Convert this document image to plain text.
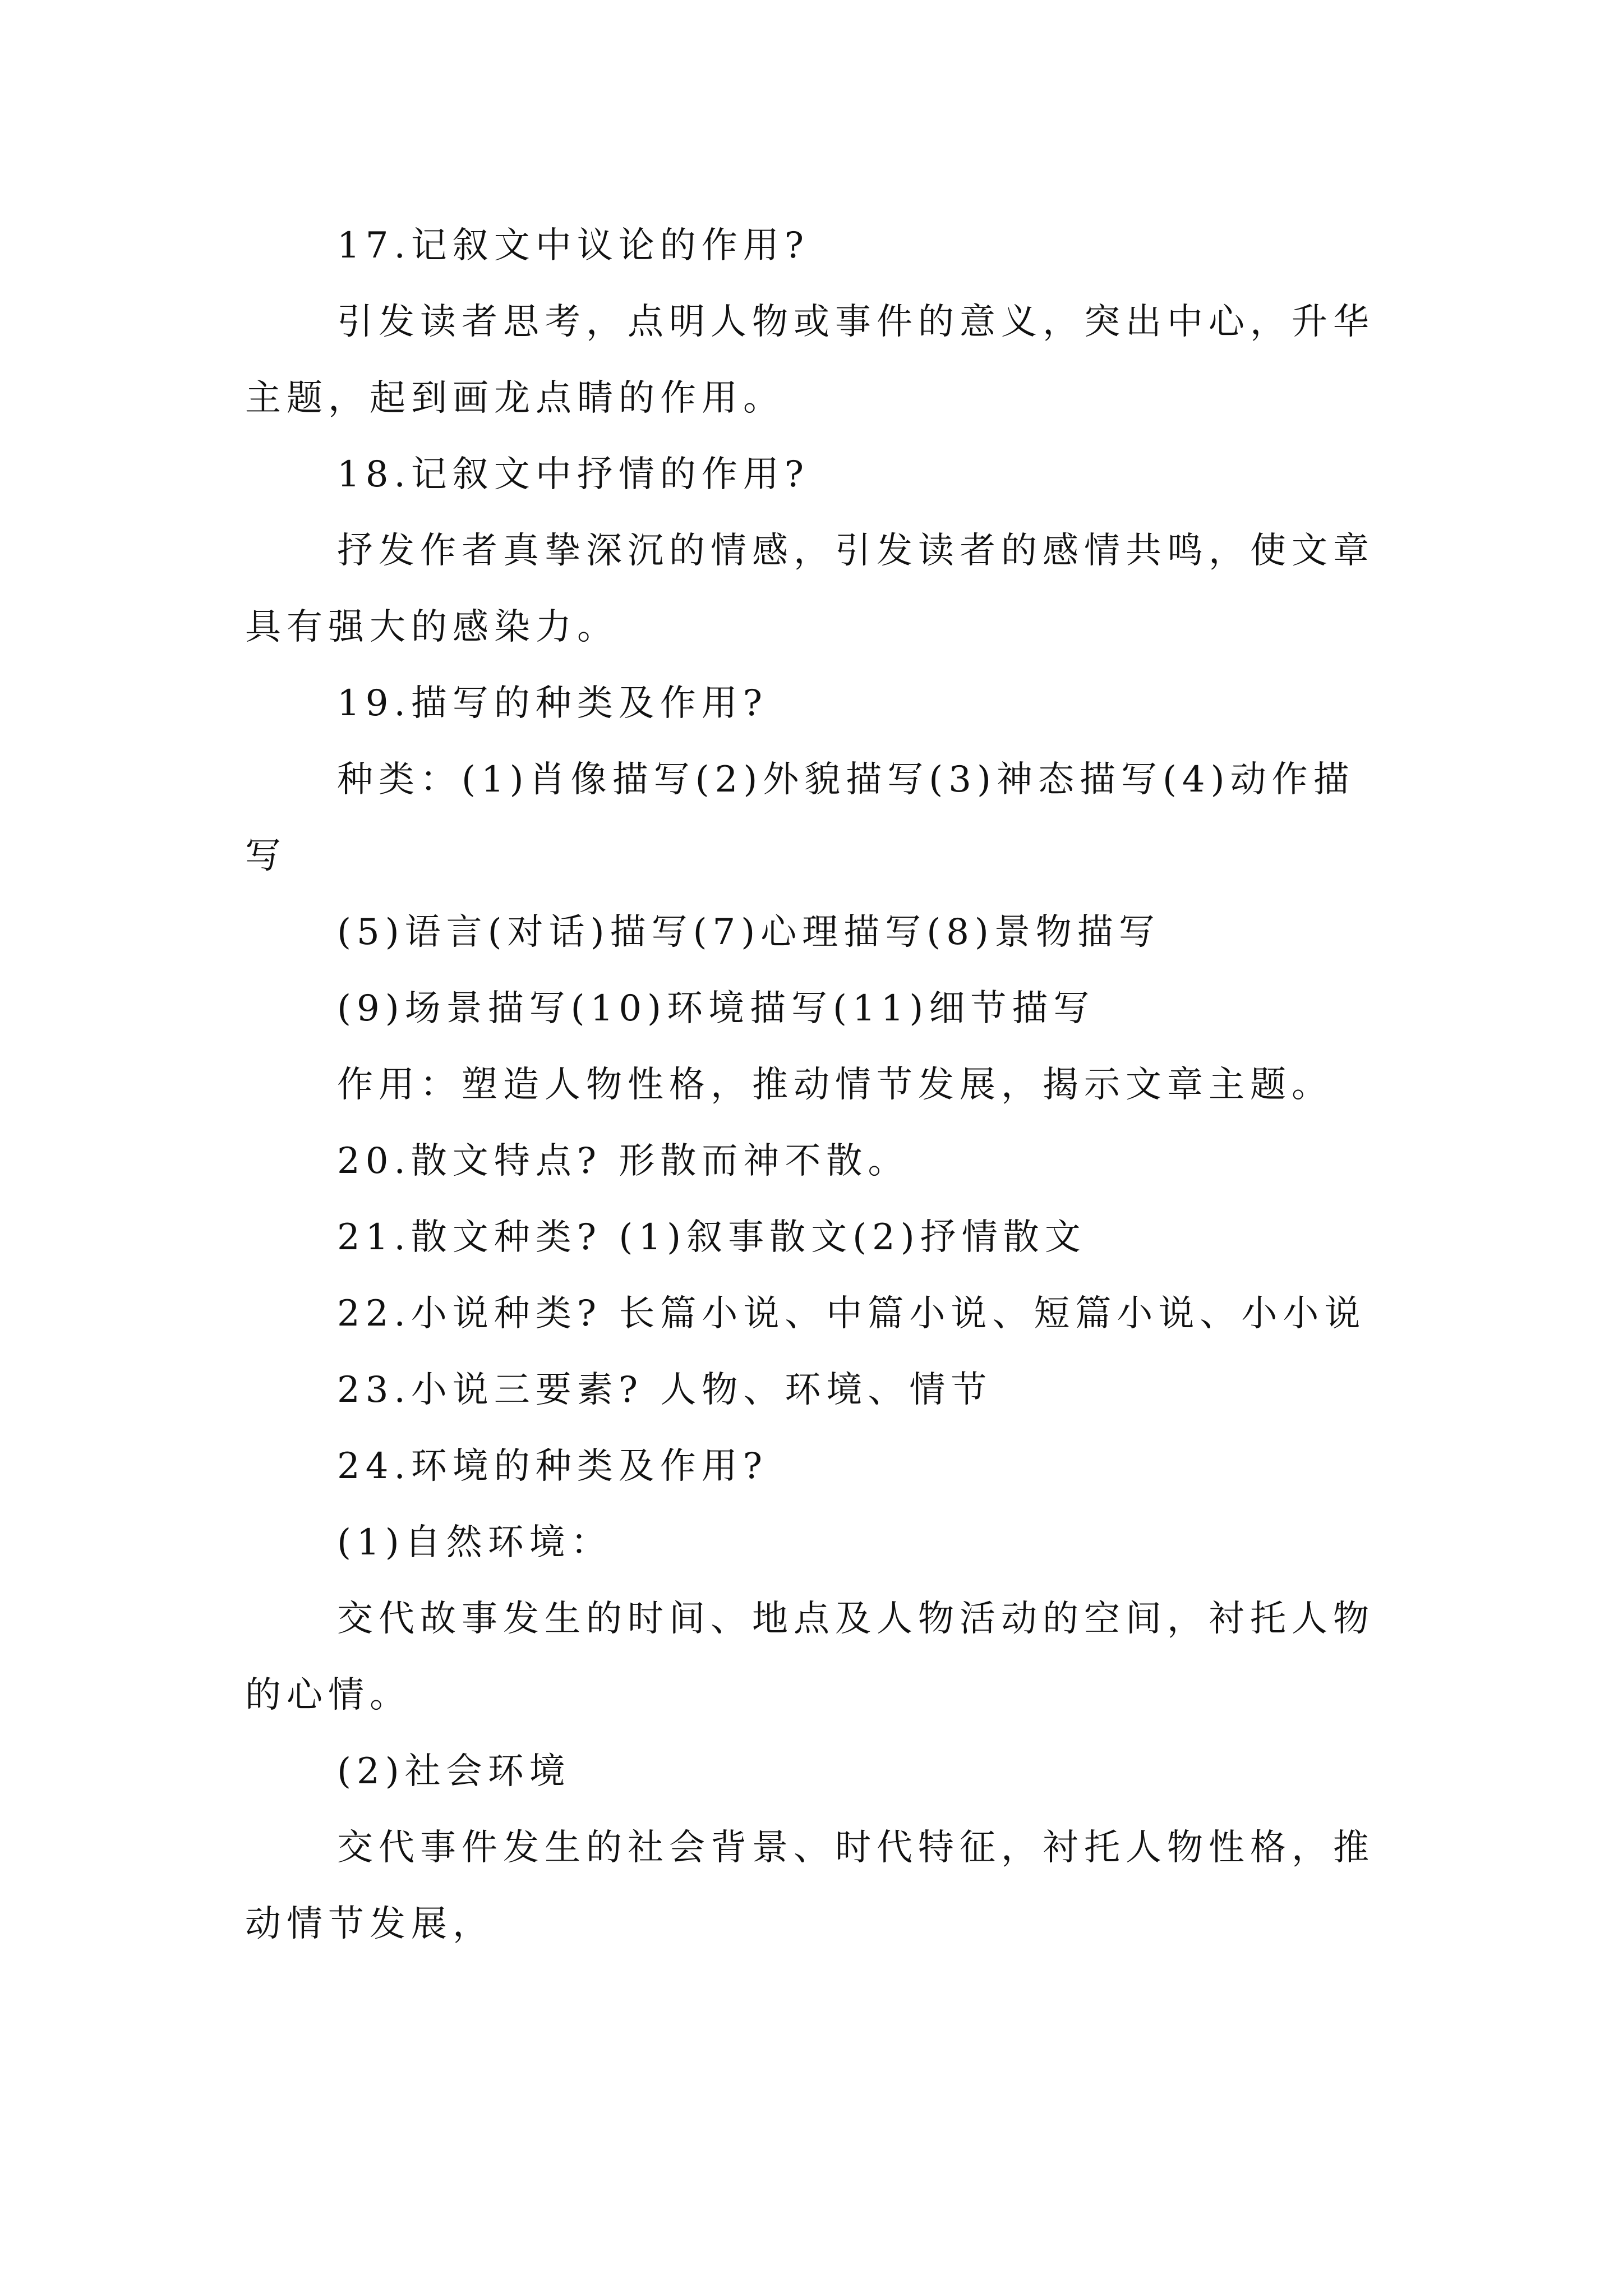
17.记叙文中议论的作用?

引发读者思考，点明人物或事件的意义，突出中心，升华主题，起到画龙点睛的作用。

18.记叙文中抒情的作用?

抒发作者真挚深沉的情感，引发读者的感情共鸣，使文章具有强大的感染力。

19.描写的种类及作用?

种类：(1)肖像描写(2)外貌描写(3)神态描写(4)动作描写

(5)语言(对话)描写(7)心理描写(8)景物描写

(9)场景描写(10)环境描写(11)细节描写

作用：塑造人物性格，推动情节发展，揭示文章主题。

20.散文特点? 形散而神不散。

21.散文种类? (1)叙事散文(2)抒情散文

22.小说种类? 长篇小说、中篇小说、短篇小说、小小说

23.小说三要素? 人物、环境、情节

24.环境的种类及作用?

(1)自然环境：

交代故事发生的时间、地点及人物活动的空间，衬托人物的心情。

(2)社会环境

交代事件发生的社会背景、时代特征，衬托人物性格，推动情节发展，
